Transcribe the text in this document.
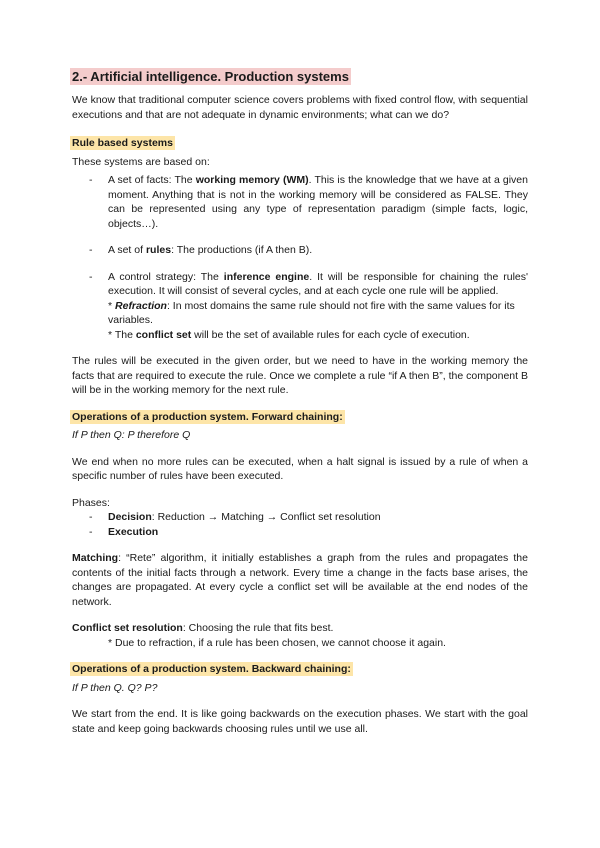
2.- Artificial intelligence. Production systems

We know that traditional computer science covers problems with fixed control flow, with sequential executions and that are not adequate in dynamic environments; what can we do?

Rule based systems

These systems are based on:

- A set of facts: The working memory (WM). This is the knowledge that we have at a given moment. Anything that is not in the working memory will be considered as FALSE. They can be represented using any type of representation paradigm (simple facts, logic, objects…).
- A set of rules: The productions (if A then B).
- A control strategy: The inference engine. It will be responsible for chaining the rules' execution. It will consist of several cycles, and at each cycle one rule will be applied.
* Refraction: In most domains the same rule should not fire with the same values for its variables.
* The conflict set will be the set of available rules for each cycle of execution.

The rules will be executed in the given order, but we need to have in the working memory the facts that are required to execute the rule. Once we complete a rule “if A then B”, the component B will be in the working memory for the next rule.

Operations of a production system. Forward chaining:

If P then Q: P therefore Q

We end when no more rules can be executed, when a halt signal is issued by a rule of when a specific number of rules have been executed.

Phases:

- Decision: Reduction → Matching → Conflict set resolution
- Execution

Matching: “Rete” algorithm, it initially establishes a graph from the rules and propagates the contents of the initial facts through a network. Every time a change in the facts base arises, the changes are propagated. At every cycle a conflict set will be available at the end nodes of the network.

Conflict set resolution: Choosing the rule that fits best.

* Due to refraction, if a rule has been chosen, we cannot choose it again.

Operations of a production system. Backward chaining:

If P then Q. Q? P?

We start from the end. It is like going backwards on the execution phases. We start with the goal state and keep going backwards choosing rules until we use all.
